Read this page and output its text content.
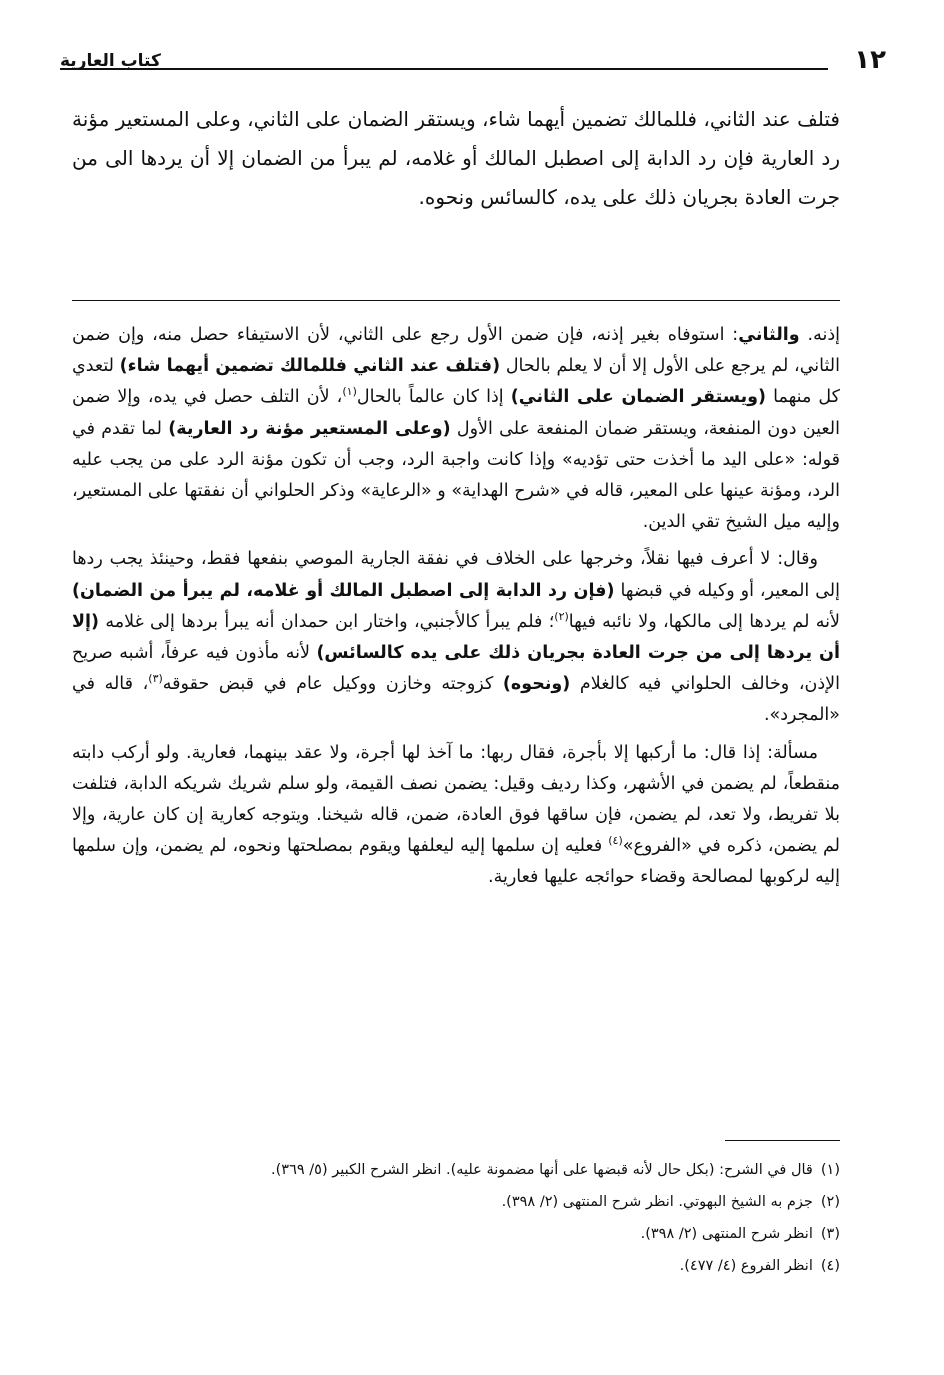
١٢
كتاب العارية

فتلف عند الثاني، فللمالك تضمين أيهما شاء، ويستقر الضمان على الثاني، وعلى المستعير مؤنة رد العارية فإن رد الدابة إلى اصطبل المالك أو غلامه، لم يبرأ من الضمان إلا أن يردها الى من جرت العادة بجريان ذلك على يده، كالسائس ونحوه.

إذنه. والثاني: استوفاه بغير إذنه، فإن ضمن الأول رجع على الثاني، لأن الاستيفاء حصل منه، وإن ضمن الثاني، لم يرجع على الأول إلا أن لا يعلم بالحال (فتلف عند الثاني فللمالك تضمين أيهما شاء) لتعدي كل منهما (ويستقر الضمان على الثاني) إذا كان عالماً بالحال$^{(١)}$، لأن التلف حصل في يده، وإلا ضمن العين دون المنفعة، ويستقر ضمان المنفعة على الأول (وعلى المستعير مؤنة رد العارية) لما تقدم في قوله: «على اليد ما أخذت حتى تؤديه» وإذا كانت واجبة الرد، وجب أن تكون مؤنة الرد على من يجب عليه الرد، ومؤنة عينها على المعير، قاله في «شرح الهداية» و «الرعاية» وذكر الحلواني أن نفقتها على المستعير، وإليه ميل الشيخ تقي الدين.

وقال: لا أعرف فيها نقلاً، وخرجها على الخلاف في نفقة الجارية الموصي بنفعها فقط، وحينئذ يجب ردها إلى المعير، أو وكيله في قبضها (فإن رد الدابة إلى اصطبل المالك أو غلامه، لم يبرأ من الضمان) لأنه لم يردها إلى مالكها، ولا نائبه فيها$^{(٢)}$؛ فلم يبرأ كالأجنبي، واختار ابن حمدان أنه يبرأ بردها إلى غلامه (إلا أن يردها إلى من جرت العادة بجريان ذلك على يده كالسائس) لأنه مأذون فيه عرفاً، أشبه صريح الإذن، وخالف الحلواني فيه كالغلام (ونحوه) كزوجته وخازن ووكيل عام في قبض حقوقه$^{(٣)}$، قاله في «المجرد».

مسألة: إذا قال: ما أركبها إلا بأجرة، فقال ربها: ما آخذ لها أجرة، ولا عقد بينهما، فعارية. ولو أركب دابته منقطعاً، لم يضمن في الأشهر، وكذا رديف وقيل: يضمن نصف القيمة، ولو سلم شريك شريكه الدابة، فتلفت بلا تفريط، ولا تعد، لم يضمن، فإن ساقها فوق العادة، ضمن، قاله شيخنا. ويتوجه كعارية إن كان عارية، وإلا لم يضمن، ذكره في «الفروع»$^{(٤)}$ فعليه إن سلمها إليه ليعلفها ويقوم بمصلحتها ونحوه، لم يضمن، وإن سلمها إليه لركوبها لمصالحة وقضاء حوائجه عليها فعارية.

(١)قال في الشرح: (بكل حال لأنه قبضها على أنها مضمونة عليه). انظر الشرح الكبير (٥/ ٣٦٩).
(٢)جزم به الشيخ البهوتي. انظر شرح المنتهى (٢/ ٣٩٨).
(٣)انظر شرح المنتهى (٢/ ٣٩٨).
(٤)انظر الفروع (٤/ ٤٧٧).
